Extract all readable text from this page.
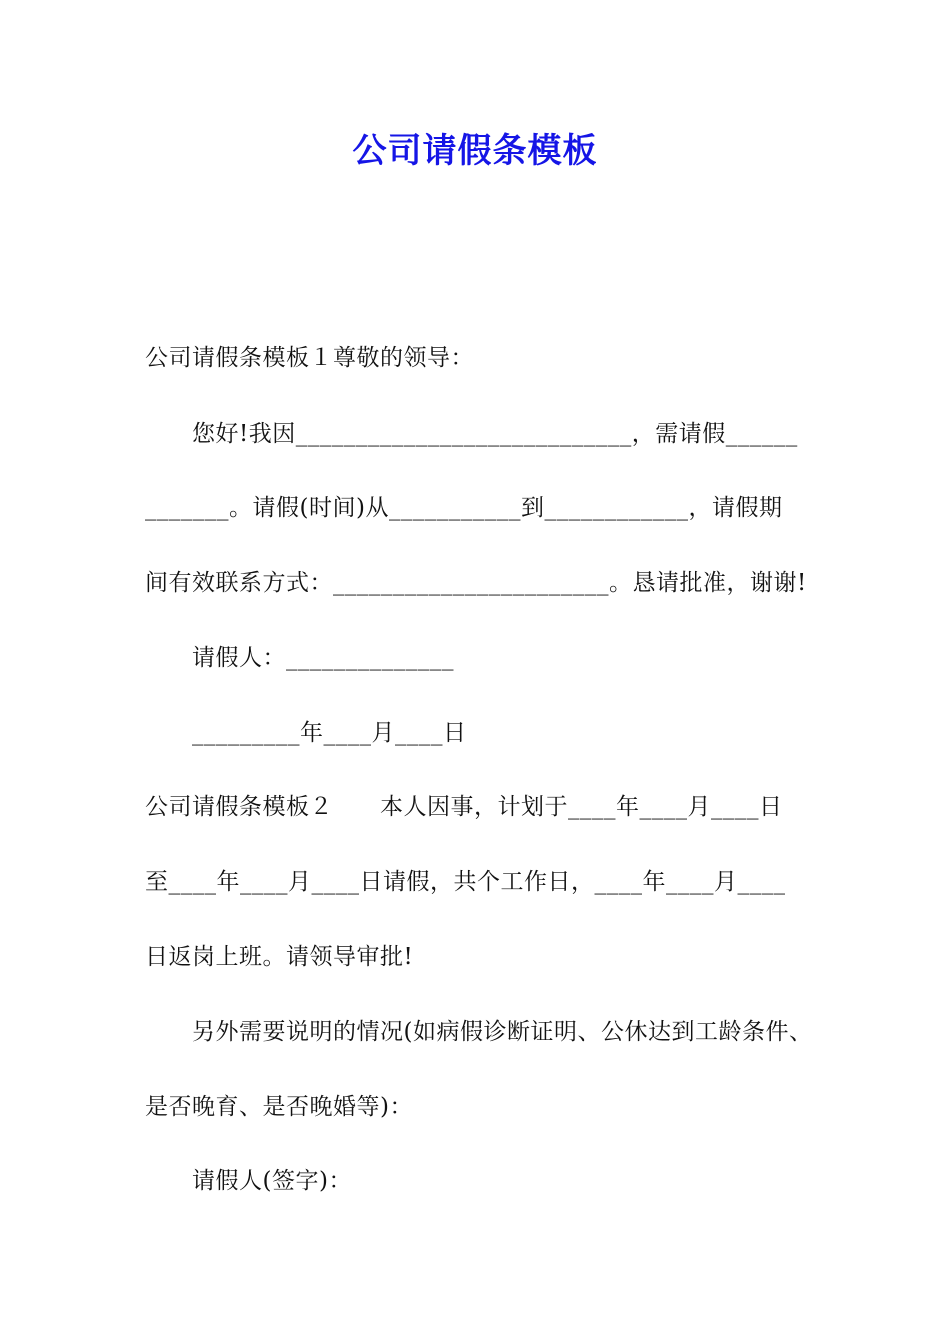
公司请假条模板
公司请假条模板１尊敬的领导：
您好!我因____________________________，需请假______
_______。请假(时间)从___________到____________，请假期
间有效联系方式：_______________________。恳请批准，谢谢!
请假人：______________
_________年____月____日
公司请假条模板２　　本人因事，计划于____年____月____日
至____年____月____日请假，共个工作日，____年____月____
日返岗上班。请领导审批!
另外需要说明的情况(如病假诊断证明、公休达到工龄条件、
是否晚育、是否晚婚等)：
请假人(签字)：
